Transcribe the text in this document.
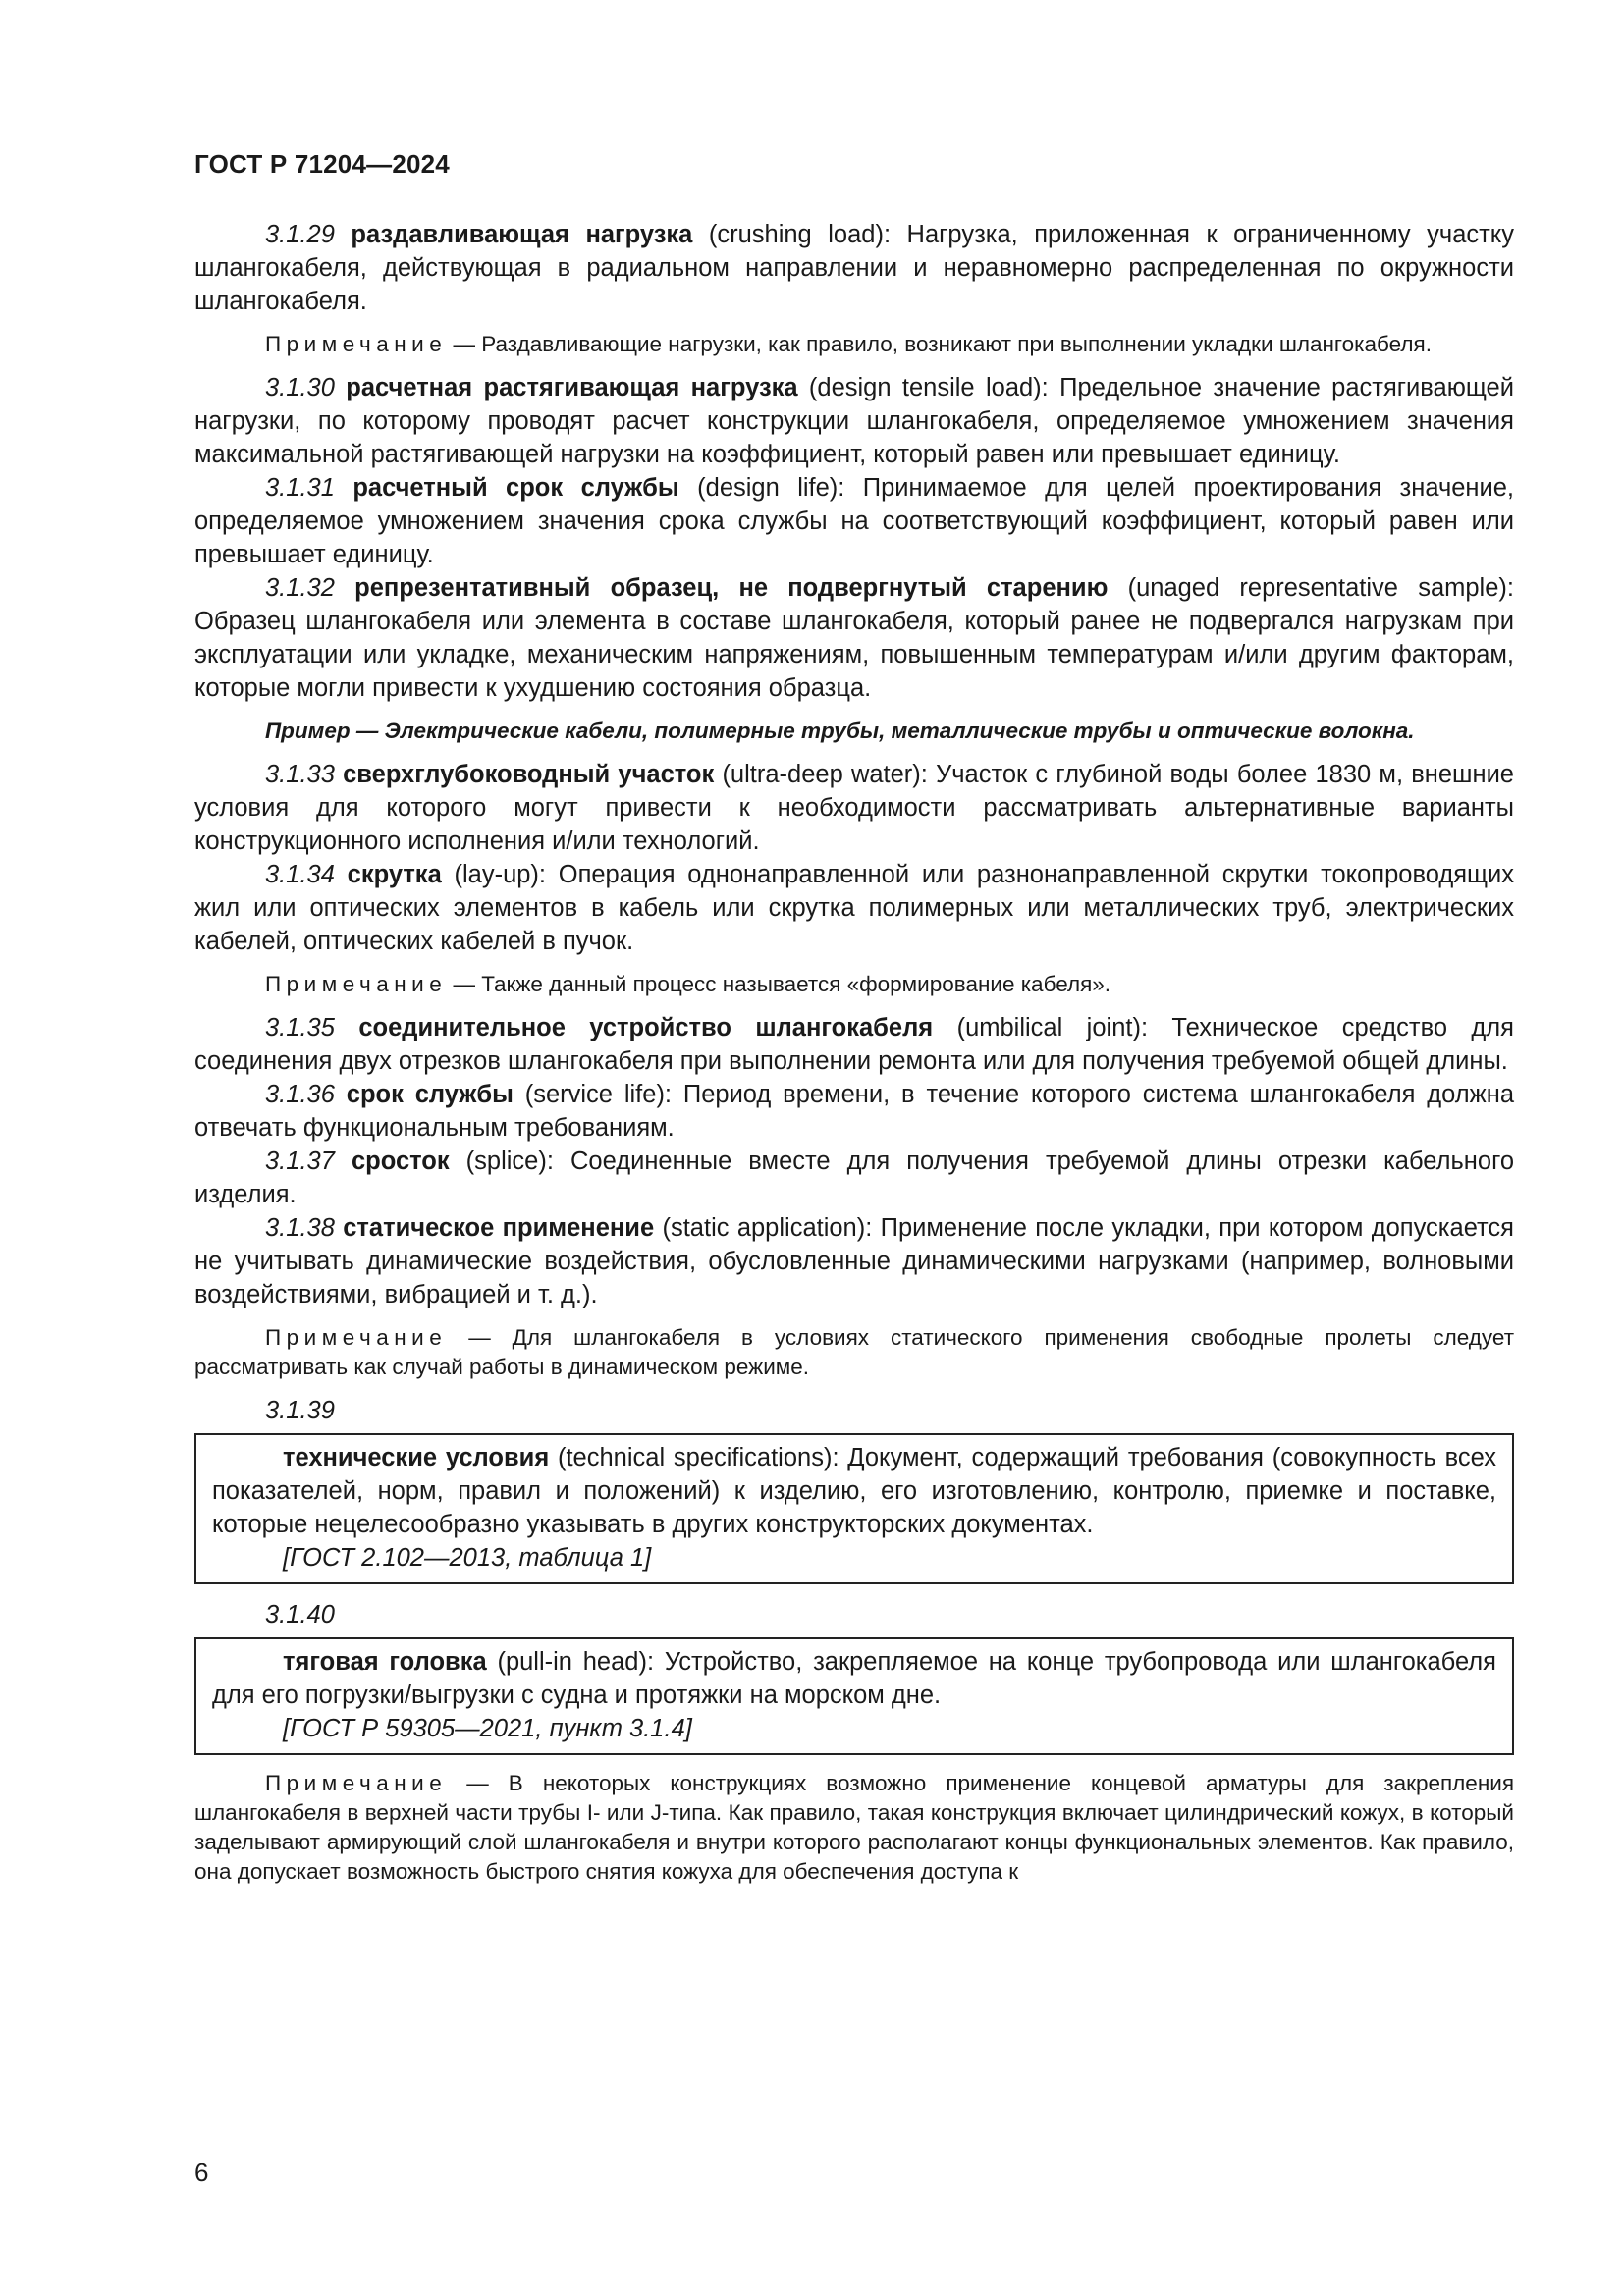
ГОСТ Р 71204—2024

3.1.29 раздавливающая нагрузка (crushing load): Нагрузка, приложенная к ограниченному участку шлангокабеля, действующая в радиальном направлении и неравномерно распределенная по окружности шлангокабеля.

Примечание — Раздавливающие нагрузки, как правило, возникают при выполнении укладки шлангокабеля.

3.1.30 расчетная растягивающая нагрузка (design tensile load): Предельное значение растягивающей нагрузки, по которому проводят расчет конструкции шлангокабеля, определяемое умножением значения максимальной растягивающей нагрузки на коэффициент, который равен или превышает единицу.

3.1.31 расчетный срок службы (design life): Принимаемое для целей проектирования значение, определяемое умножением значения срока службы на соответствующий коэффициент, который равен или превышает единицу.

3.1.32 репрезентативный образец, не подвергнутый старению (unaged representative sample): Образец шлангокабеля или элемента в составе шлангокабеля, который ранее не подвергался нагрузкам при эксплуатации или укладке, механическим напряжениям, повышенным температурам и/или другим факторам, которые могли привести к ухудшению состояния образца.

Пример — Электрические кабели, полимерные трубы, металлические трубы и оптические волокна.

3.1.33 сверхглубоководный участок (ultra-deep water): Участок с глубиной воды более 1830 м, внешние условия для которого могут привести к необходимости рассматривать альтернативные варианты конструкционного исполнения и/или технологий.

3.1.34 скрутка (lay-up): Операция однонаправленной или разнонаправленной скрутки токопроводящих жил или оптических элементов в кабель или скрутка полимерных или металлических труб, электрических кабелей, оптических кабелей в пучок.

Примечание — Также данный процесс называется «формирование кабеля».

3.1.35 соединительное устройство шлангокабеля (umbilical joint): Техническое средство для соединения двух отрезков шлангокабеля при выполнении ремонта или для получения требуемой общей длины.

3.1.36 срок службы (service life): Период времени, в течение которого система шлангокабеля должна отвечать функциональным требованиям.

3.1.37 сросток (splice): Соединенные вместе для получения требуемой длины отрезки кабельного изделия.

3.1.38 статическое применение (static application): Применение после укладки, при котором допускается не учитывать динамические воздействия, обусловленные динамическими нагрузками (например, волновыми воздействиями, вибрацией и т. д.).

Примечание — Для шлангокабеля в условиях статического применения свободные пролеты следует рассматривать как случай работы в динамическом режиме.

3.1.39

технические условия (technical specifications): Документ, содержащий требования (совокупность всех показателей, норм, правил и положений) к изделию, его изготовлению, контролю, приемке и поставке, которые нецелесообразно указывать в других конструкторских документах.

[ГОСТ 2.102—2013, таблица 1]
3.1.40

тяговая головка (pull-in head): Устройство, закрепляемое на конце трубопровода или шлангокабеля для его погрузки/выгрузки с судна и протяжки на морском дне.

[ГОСТ Р 59305—2021, пункт 3.1.4]

Примечание — В некоторых конструкциях возможно применение концевой арматуры для закрепления шлангокабеля в верхней части трубы I- или J-типа. Как правило, такая конструкция включает цилиндрический кожух, в который заделывают армирующий слой шлангокабеля и внутри которого располагают концы функциональных элементов. Как правило, она допускает возможность быстрого снятия кожуха для обеспечения доступа к

6
